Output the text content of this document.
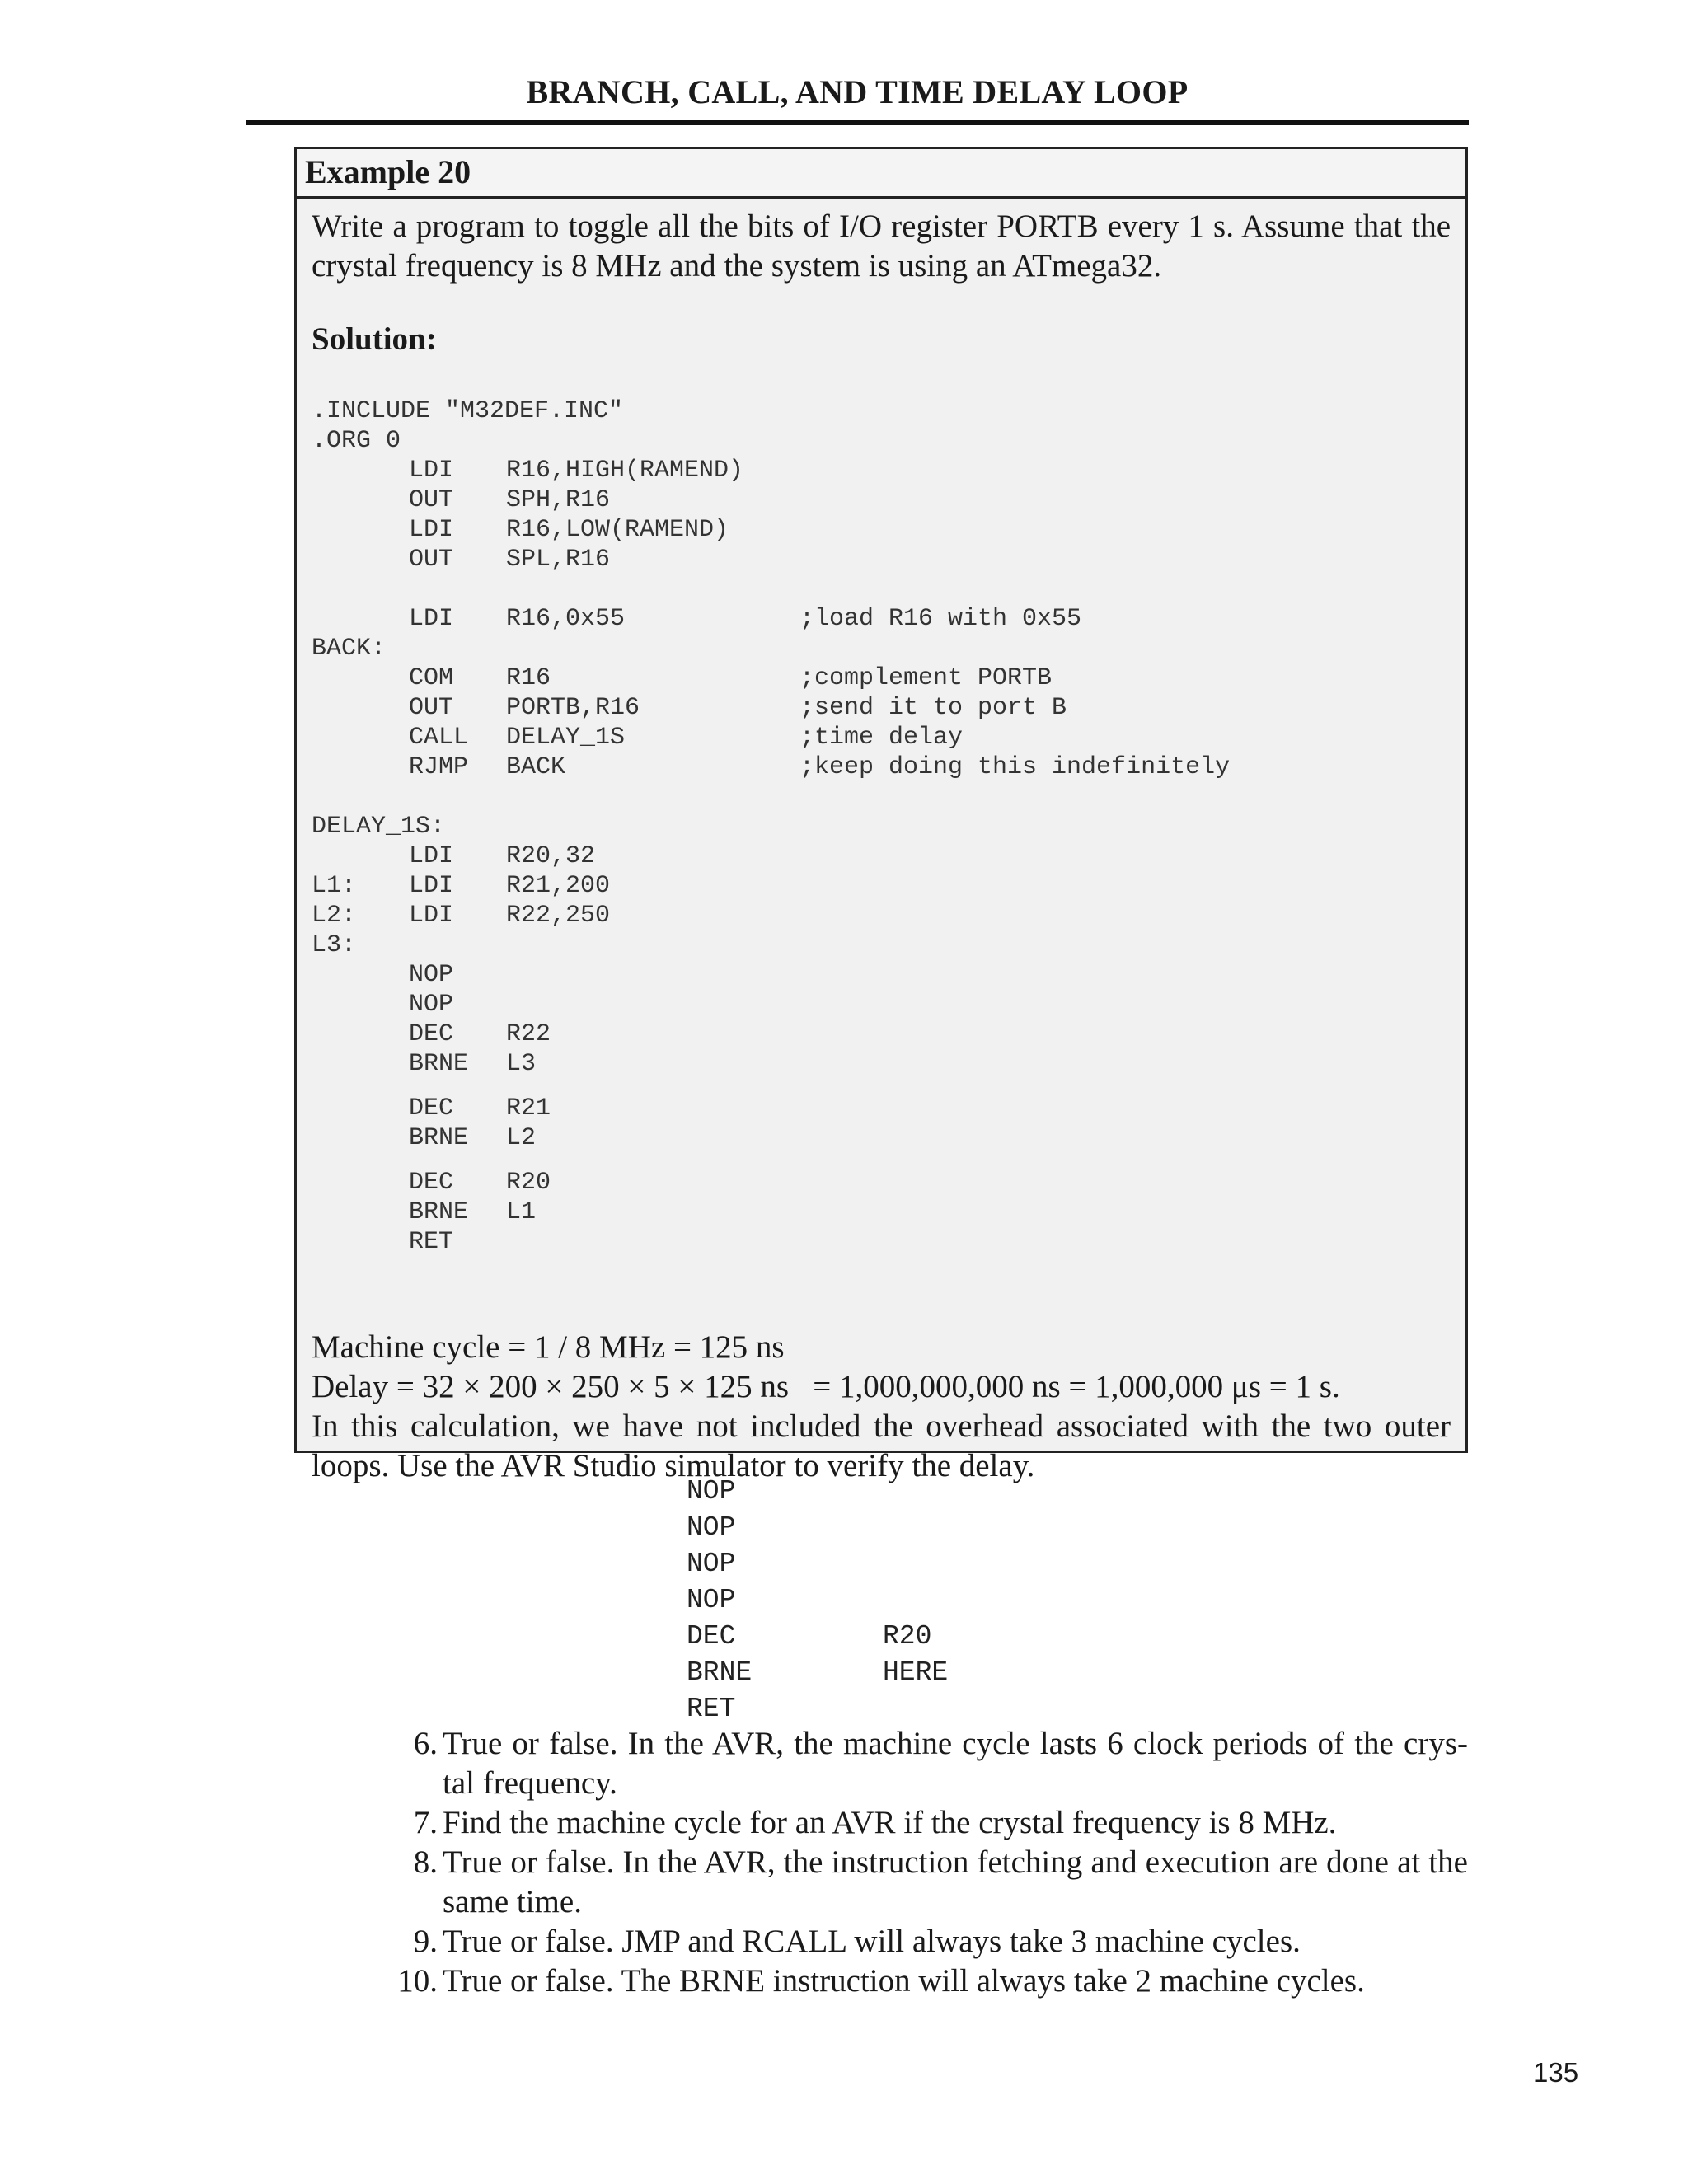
BRANCH, CALL, AND TIME DELAY LOOP
Example 20
Write a program to toggle all the bits of I/O register PORTB every 1 s. Assume that the crystal frequency is 8 MHz and the system is using an ATmega32.
Solution:
.INCLUDE "M32DEF.INC"
.ORG 0
LDI R16,HIGH(RAMEND)
OUT SPH,R16
LDI R16,LOW(RAMEND)
OUT SPL,R16
LDI R16,0x55	;load R16 with 0x55
BACK:
COM R16	;complement PORTB
OUT PORTB,R16	;send it to port B
CALL DELAY_1S	;time delay
RJMP BACK	;keep doing this indefinitely
DELAY_1S:
LDI R20,32
L1: LDI R21,200
L2: LDI R22,250
L3:
NOP
NOP
DEC R22
BRNE L3
DEC R21
BRNE L2
DEC R20
BRNE L1
RET
Machine cycle = 1 / 8 MHz = 125 ns
Delay = 32 × 200 × 250 × 5 × 125 ns   = 1,000,000,000 ns = 1,000,000 μs = 1 s.
In this calculation, we have not included the overhead associated with the two outer loops. Use the AVR Studio simulator to verify the delay.
NOP
NOP
NOP
NOP
DEC	R20
BRNE	HERE
RET
6. True or false. In the AVR, the machine cycle lasts 6 clock periods of the crys-tal frequency.
7. Find the machine cycle for an AVR if the crystal frequency is 8 MHz.
8. True or false. In the AVR, the instruction fetching and execution are done at the same time.
9. True or false. JMP and RCALL will always take 3 machine cycles.
10. True or false. The BRNE instruction will always take 2 machine cycles.
135
